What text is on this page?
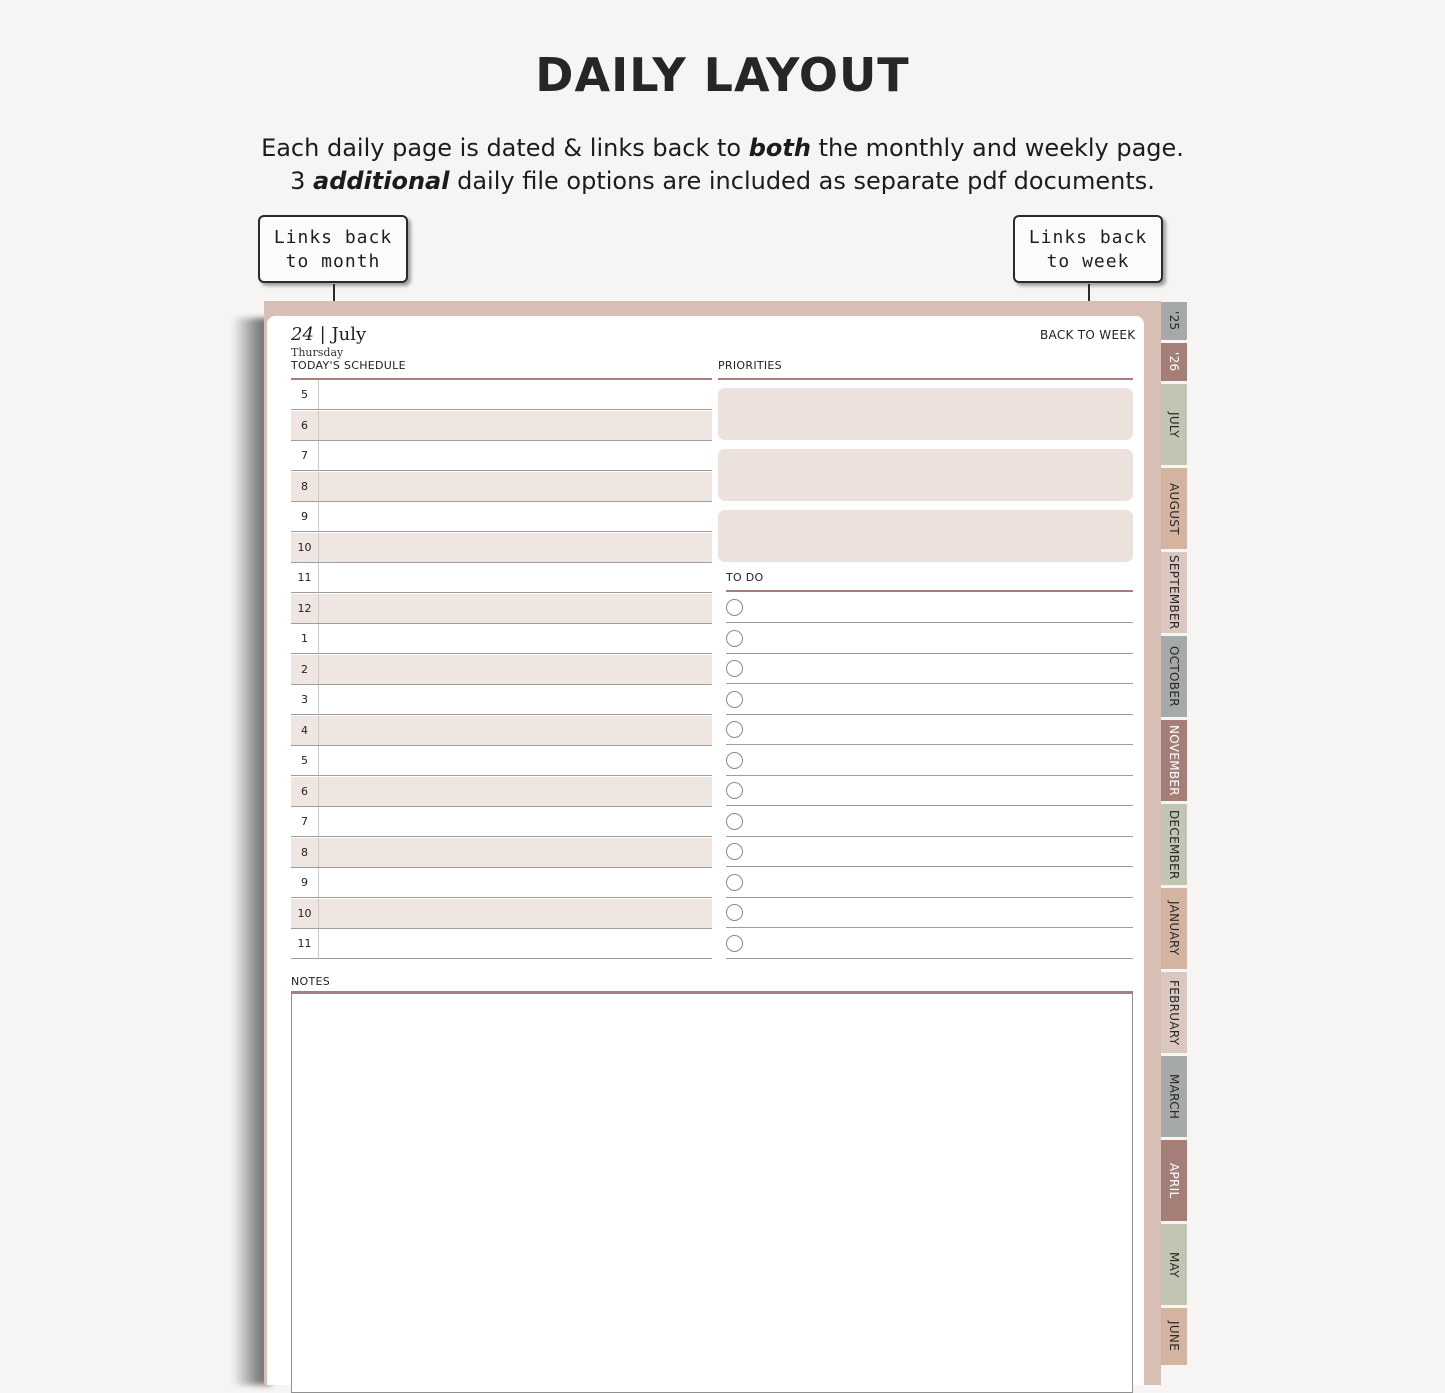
DAILY LAYOUT
Each daily page is dated & links back to both the monthly and weekly page.
3 additional daily file options are included as separate pdf documents.
Links back
to month
Links back
to week
24 | July
Thursday
BACK TO WEEK
TODAY'S SCHEDULE	PRIORITIES
5
6
7
8
9
10
11
12
1
2
3
4
5
6
7
8
9
10
11
TO DO
NOTES
'25
'26
JULY
AUGUST
SEPTEMBER
OCTOBER
NOVEMBER
DECEMBER
JANUARY
FEBRUARY
MARCH
APRIL
MAY
JUNE
